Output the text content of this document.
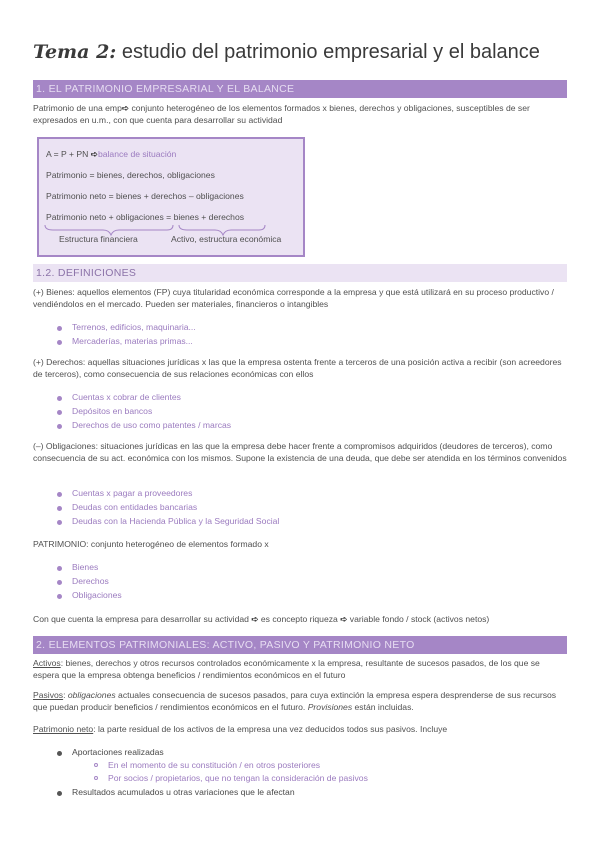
Tema 2: estudio del patrimonio empresarial y el balance
1. EL PATRIMONIO EMPRESARIAL Y EL BALANCE
Patrimonio de una emp➪ conjunto heterogéneo de los elementos formados x bienes, derechos y obligaciones, susceptibles de ser expresados en u.m., con que cuenta para desarrollar su actividad
A = P + PN ➪balance de situación
Patrimonio = bienes, derechos, obligaciones
Patrimonio neto = bienes + derechos – obligaciones
Patrimonio neto + obligaciones = bienes + derechos
Estructura financiera	Activo, estructura económica
1.2. DEFINICIONES
(+) Bienes: aquellos elementos (FP) cuya titularidad económica corresponde a la empresa y que está utilizará en su proceso productivo / vendiéndolos en el mercado. Pueden ser materiales, financieros o intangibles
Terrenos, edificios, maquinaria...
Mercaderías, materias primas...
(+) Derechos: aquellas situaciones jurídicas x las que la empresa ostenta frente a terceros de una posición activa a recibir (son acreedores de terceros), como consecuencia de sus relaciones económicas con ellos
Cuentas x cobrar de clientes
Depósitos en bancos
Derechos de uso como patentes / marcas
(–) Obligaciones: situaciones jurídicas en las que la empresa debe hacer frente a compromisos adquiridos (deudores de terceros), como consecuencia de su act. económica con los mismos. Supone la existencia de una deuda, que debe ser atendida en los términos convenidos
Cuentas x pagar a proveedores
Deudas con entidades bancarias
Deudas con la Hacienda Pública y la Seguridad Social
PATRIMONIO: conjunto heterogéneo de elementos formado x
Bienes
Derechos
Obligaciones
Con que cuenta la empresa para desarrollar su actividad ➪ es concepto riqueza ➪ variable fondo / stock (activos netos)
2. ELEMENTOS PATRIMONIALES: ACTIVO, PASIVO Y PATRIMONIO NETO
Activos: bienes, derechos y otros recursos controlados económicamente x la empresa, resultante de sucesos pasados, de los que se espera que la empresa obtenga beneficios / rendimientos económicos en el futuro
Pasivos: obligaciones actuales consecuencia de sucesos pasados, para cuya extinción la empresa espera desprenderse de sus recursos que puedan producir beneficios / rendimientos económicos en el futuro. Provisiones están incluidas.
Patrimonio neto: la parte residual de los activos de la empresa una vez deducidos todos sus pasivos. Incluye
Aportaciones realizadas
En el momento de su constitución / en otros posteriores
Por socios / propietarios, que no tengan la consideración de pasivos
Resultados acumulados u otras variaciones que le afectan
